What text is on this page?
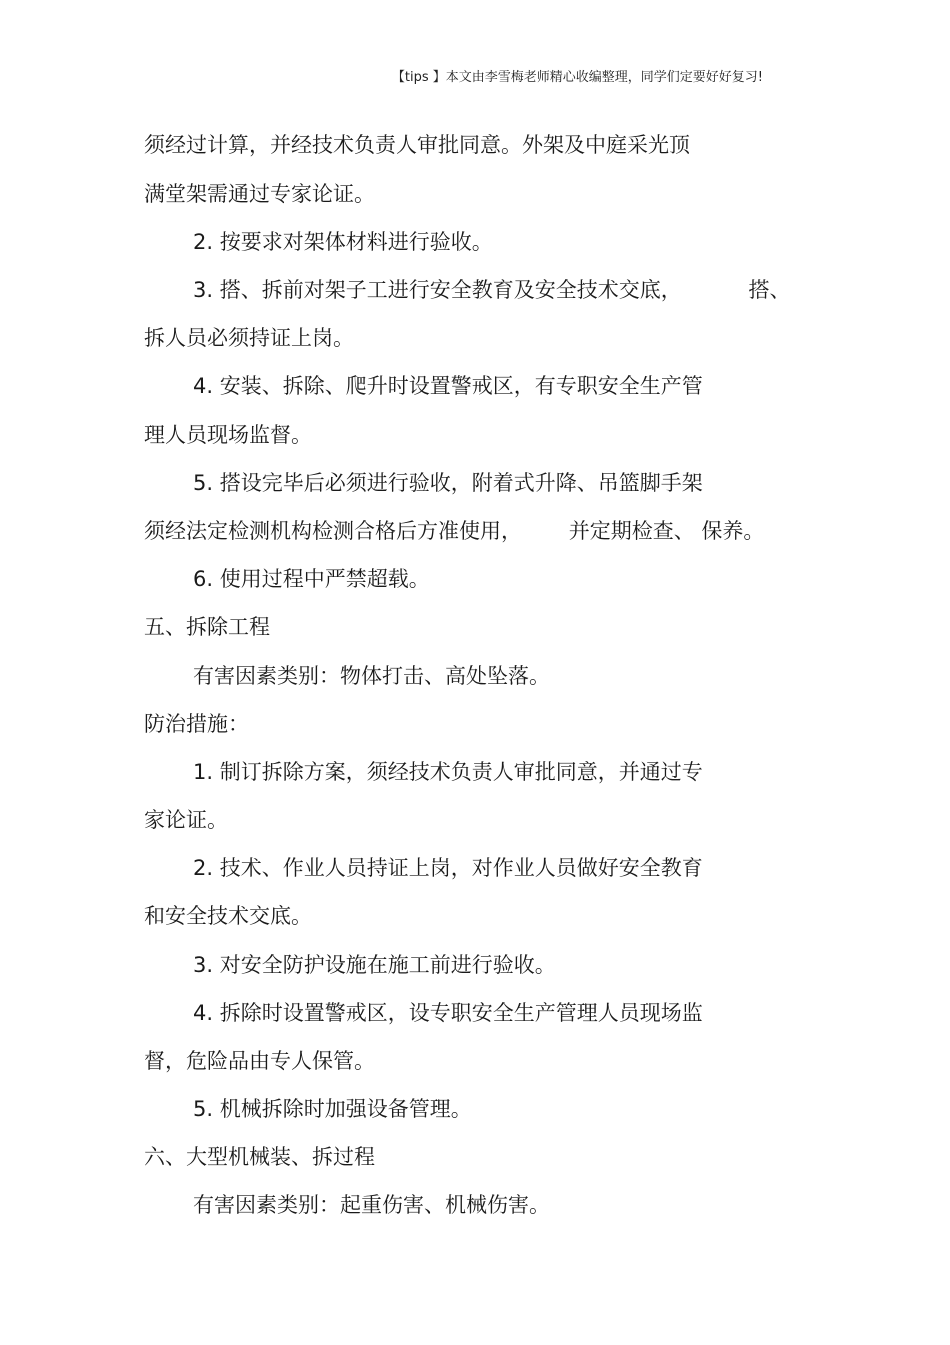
【tips 】本文由李雪梅老师精心收编整理，同学们定要好好复习!
须经过计算，并经技术负责人审批同意。外架及中庭采光顶
满堂架需通过专家论证。
2. 按要求对架体材料进行验收。
3. 搭、拆前对架子工进行安全教育及安全技术交底，          搭、
拆人员必须持证上岗。
4. 安装、拆除、爬升时设置警戒区，有专职安全生产管
理人员现场监督。
5. 搭设完毕后必须进行验收，附着式升降、吊篮脚手架
须经法定检测机构检测合格后方准使用，       并定期检查、 保养。
6. 使用过程中严禁超载。
五、拆除工程
有害因素类别：物体打击、高处坠落。
防治措施：
1. 制订拆除方案，须经技术负责人审批同意，并通过专
家论证。
2. 技术、作业人员持证上岗，对作业人员做好安全教育
和安全技术交底。
3. 对安全防护设施在施工前进行验收。
4. 拆除时设置警戒区，设专职安全生产管理人员现场监
督，危险品由专人保管。
5. 机械拆除时加强设备管理。
六、大型机械装、拆过程
有害因素类别：起重伤害、机械伤害。
